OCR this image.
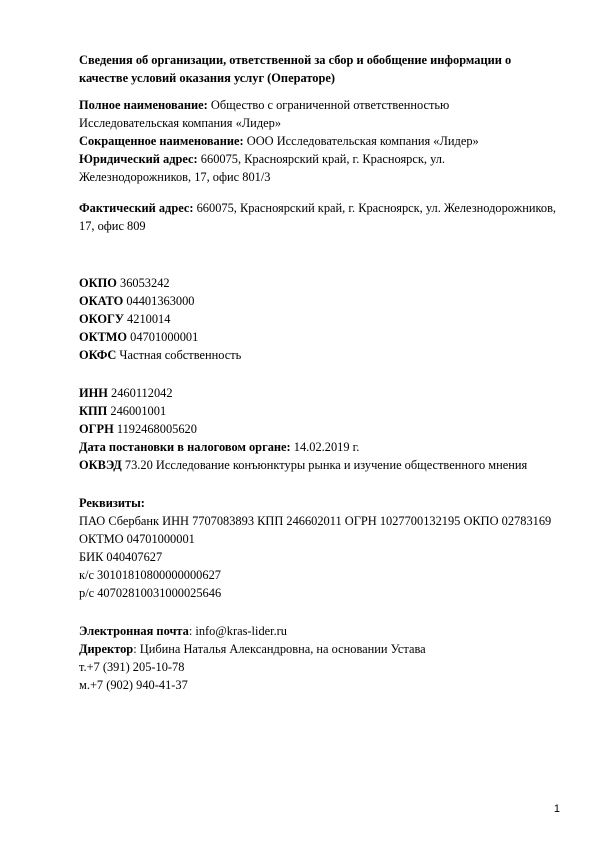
Сведения об организации, ответственной за сбор и обобщение информации о качестве условий оказания услуг (Операторе)

Полное наименование: Общество с ограниченной ответственностью

Исследовательская компания «Лидер»

Сокращенное наименование: ООО Исследовательская компания «Лидер»

Юридический адрес: 660075, Красноярский край, г. Красноярск, ул. Железнодорожников, 17, офис 801/3

Фактический адрес: 660075, Красноярский край, г. Красноярск, ул. Железнодорожников, 17, офис 809

ОКПО 36053242

ОКАТО 04401363000

ОКОГУ 4210014

ОКТМО 04701000001

ОКФС Частная собственность

ИНН 2460112042

КПП 246001001

ОГРН 1192468005620

Дата постановки в налоговом органе: 14.02.2019 г.

ОКВЭД 73.20 Исследование конъюнктуры рынка и изучение общественного мнения

Реквизиты:

ПАО Сбербанк ИНН 7707083893 КПП 246602011 ОГРН 1027700132195 ОКПО 02783169

ОКТМО 04701000001

БИК 040407627

к/с 30101810800000000627

р/с 40702810031000025646

Электронная почта: info@kras-lider.ru

Директор: Цибина Наталья Александровна, на основании Устава

т.+7 (391) 205-10-78

м.+7 (902) 940-41-37

1
